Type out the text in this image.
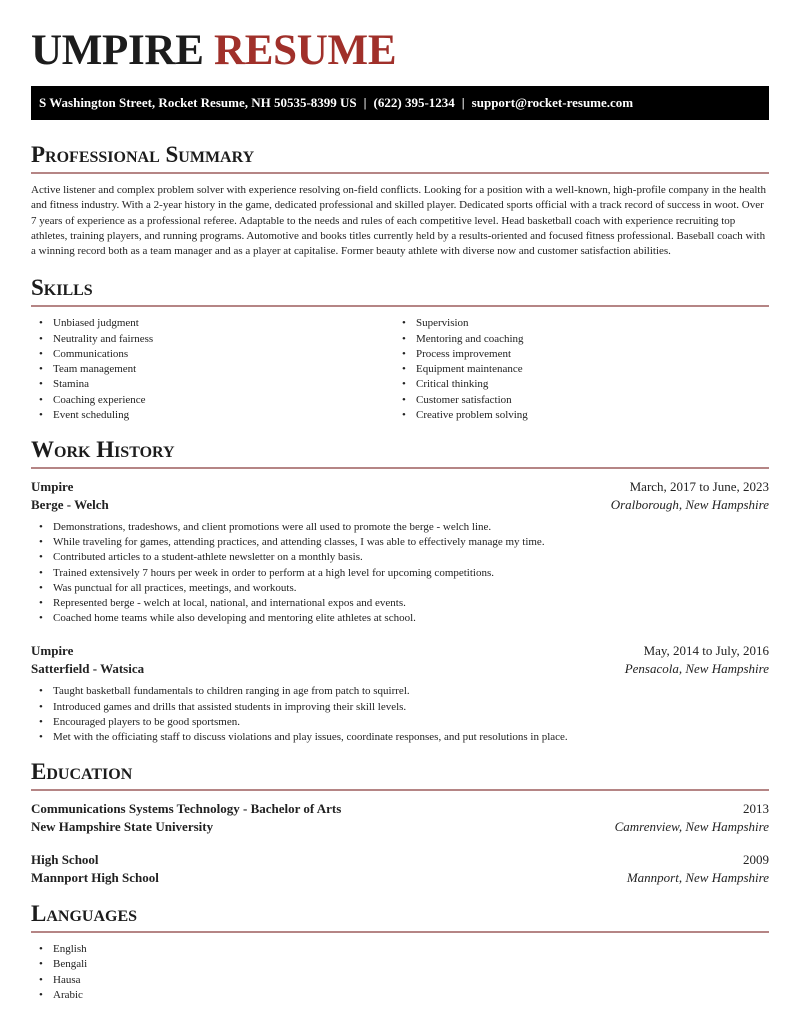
UMPIRE RESUME
S Washington Street, Rocket Resume, NH 50535-8399 US | (622) 395-1234 | support@rocket-resume.com
Professional Summary

Active listener and complex problem solver with experience resolving on-field conflicts. Looking for a position with a well-known, high-profile company in the health and fitness industry. With a 2-year history in the game, dedicated professional and skilled player. Dedicated sports official with a track record of success in woot. Over 7 years of experience as a professional referee. Adaptable to the needs and rules of each competitive level. Head basketball coach with experience recruiting top athletes, training players, and running programs. Automotive and books titles currently held by a results-oriented and focused fitness professional. Baseball coach with a winning record both as a team manager and as a player at capitalise. Former beauty athlete with diverse now and customer satisfaction abilities.

Skills
• Unbiased judgment
• Neutrality and fairness
• Communications
• Team management
• Stamina
• Coaching experience
• Event scheduling
• Supervision
• Mentoring and coaching
• Process improvement
• Equipment maintenance
• Critical thinking
• Customer satisfaction
• Creative problem solving
Work History
Umpire	March, 2017 to June, 2023
Berge - Welch	Oralborough, New Hampshire
• Demonstrations, tradeshows, and client promotions were all used to promote the berge - welch line.
• While traveling for games, attending practices, and attending classes, I was able to effectively manage my time.
• Contributed articles to a student-athlete newsletter on a monthly basis.
• Trained extensively 7 hours per week in order to perform at a high level for upcoming competitions.
• Was punctual for all practices, meetings, and workouts.
• Represented berge - welch at local, national, and international expos and events.
• Coached home teams while also developing and mentoring elite athletes at school.
Umpire	May, 2014 to July, 2016
Satterfield - Watsica	Pensacola, New Hampshire
• Taught basketball fundamentals to children ranging in age from patch to squirrel.
• Introduced games and drills that assisted students in improving their skill levels.
• Encouraged players to be good sportsmen.
• Met with the officiating staff to discuss violations and play issues, coordinate responses, and put resolutions in place.
Education
Communications Systems Technology - Bachelor of Arts	2013
New Hampshire State University	Camrenview, New Hampshire
High School	2009
Mannport High School	Mannport, New Hampshire
Languages
• English
• Bengali
• Hausa
• Arabic
